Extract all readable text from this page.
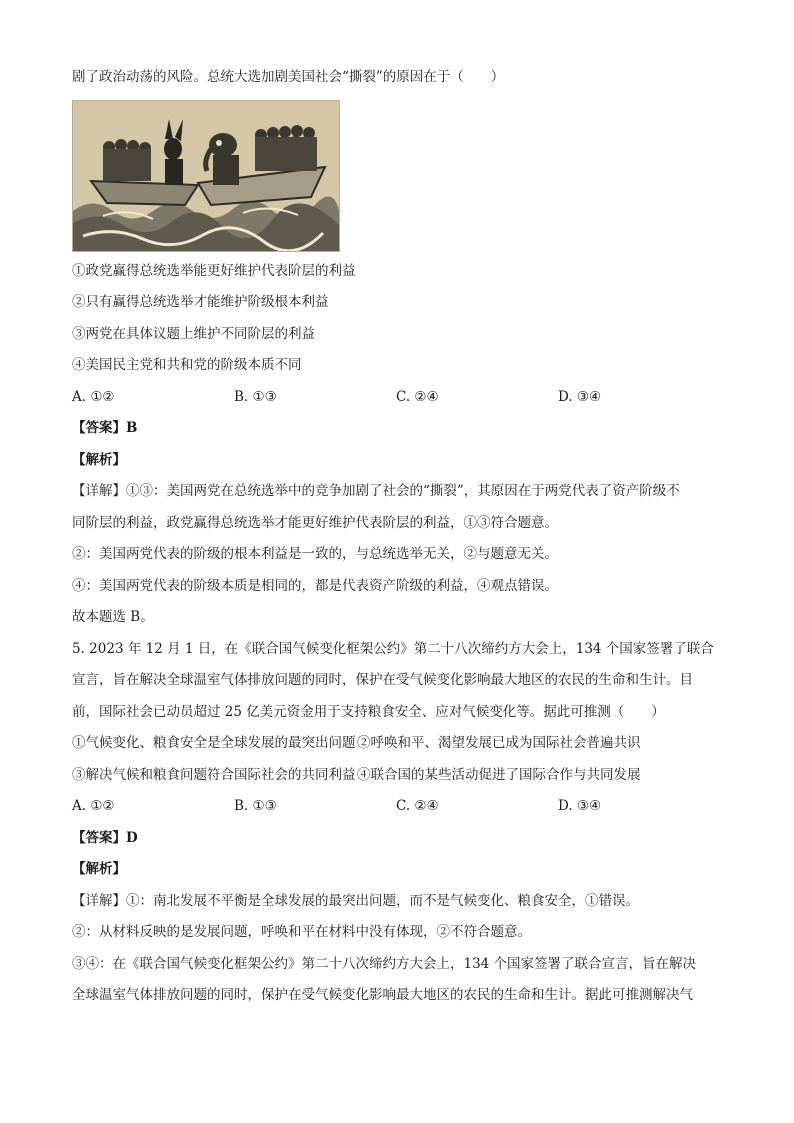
剧了政治动荡的风险。总统大选加剧美国社会“撕裂”的原因在于（　　）
①政党赢得总统选举能更好维护代表阶层的利益
②只有赢得总统选举才能维护阶级根本利益
③两党在具体议题上维护不同阶层的利益
④美国民主党和共和党的阶级本质不同
A. ①②	B. ①③	C. ②④	D. ③④
【答案】B
【解析】
【详解】①③：美国两党在总统选举中的竞争加剧了社会的“撕裂”，其原因在于两党代表了资产阶级不
同阶层的利益，政党赢得总统选举才能更好维护代表阶层的利益，①③符合题意。
②：美国两党代表的阶级的根本利益是一致的，与总统选举无关，②与题意无关。
④：美国两党代表的阶级本质是相同的，都是代表资产阶级的利益，④观点错误。
故本题选 B。
5. 2023 年 12 月 1 日，在《联合国气候变化框架公约》第二十八次缔约方大会上，134 个国家签署了联合
宣言，旨在解决全球温室气体排放问题的同时，保护在受气候变化影响最大地区的农民的生命和生计。目
前，国际社会已动员超过 25 亿美元资金用于支持粮食安全、应对气候变化等。据此可推测（　　）
①气候变化、粮食安全是全球发展的最突出问题 ②呼唤和平、渴望发展已成为国际社会普遍共识
③解决气候和粮食问题符合国际社会的共同利益 ④联合国的某些活动促进了国际合作与共同发展
A. ①②	B. ①③	C. ②④	D. ③④
【答案】D
【解析】
【详解】①：南北发展不平衡是全球发展的最突出问题，而不是气候变化、粮食安全，①错误。
②：从材料反映的是发展问题，呼唤和平在材料中没有体现，②不符合题意。
③④：在《联合国气候变化框架公约》第二十八次缔约方大会上，134 个国家签署了联合宣言，旨在解决
全球温室气体排放问题的同时，保护在受气候变化影响最大地区的农民的生命和生计。据此可推测解决气
